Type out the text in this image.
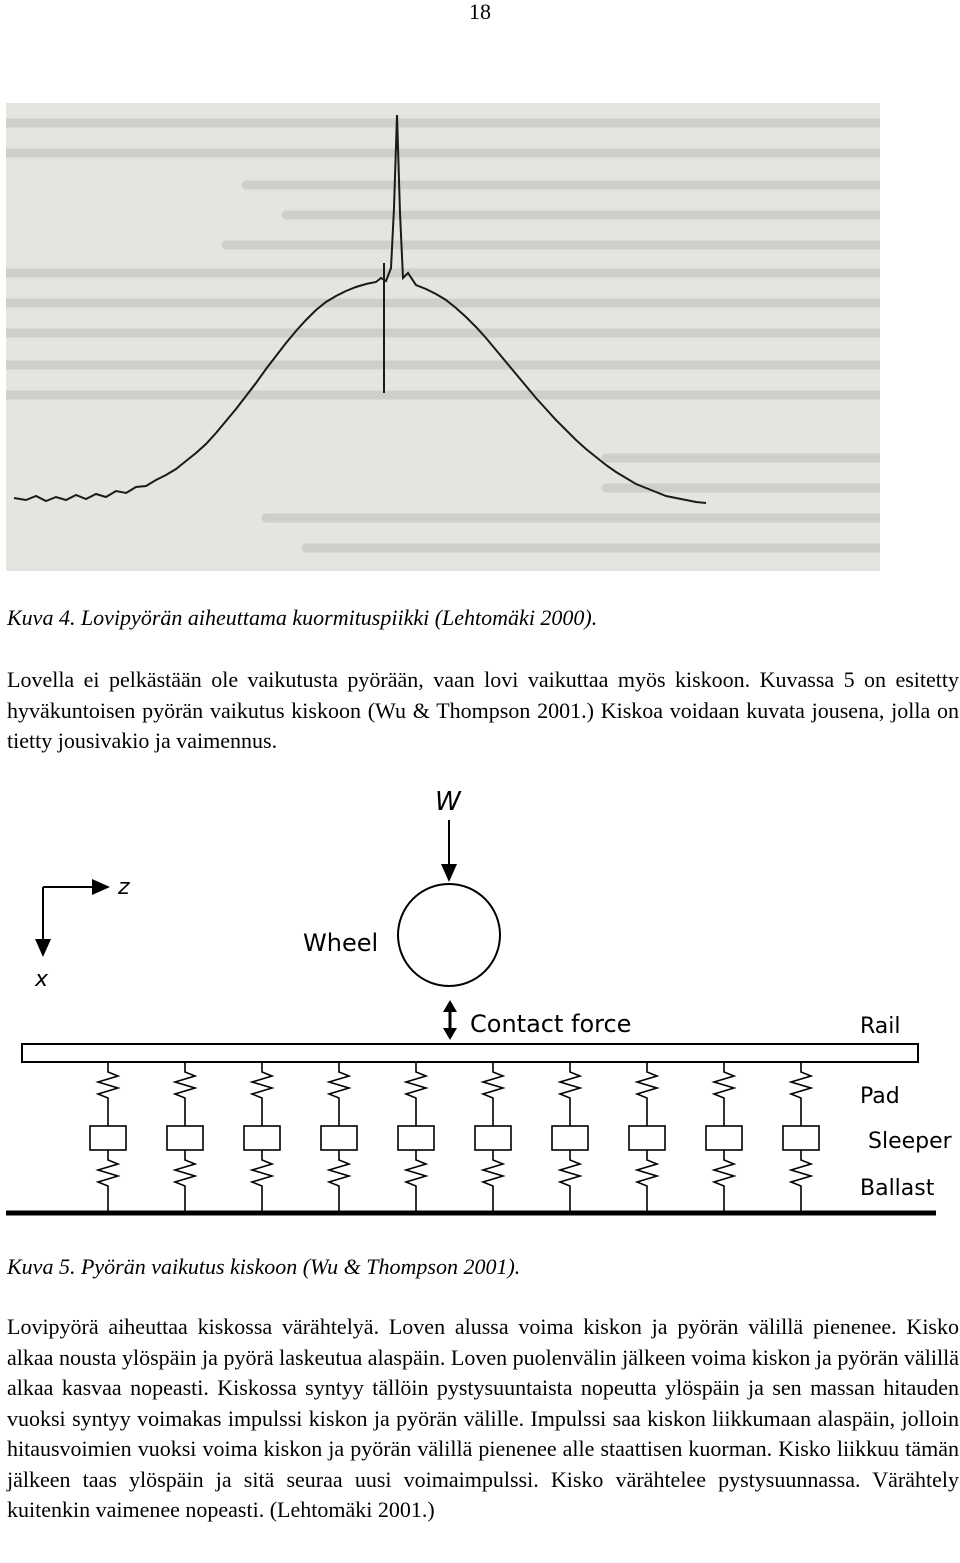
18
Kuva 4. Lovipyörän aiheuttama kuormituspiikki (Lehtomäki 2000).
Lovella ei pelkästään ole vaikutusta pyörään, vaan lovi vaikuttaa myös kiskoon. Kuvassa 5 on esitetty hyväkuntoisen pyörän vaikutus kiskoon (Wu & Thompson 2001.) Kiskoa voidaan kuvata jousena, jolla on tietty jousivakio ja vaimennus.
z
x
W
Wheel
Contact force	Rail
Pad
Sleeper
Ballast
Kuva 5. Pyörän vaikutus kiskoon (Wu & Thompson 2001).
Lovipyörä aiheuttaa kiskossa värähtelyä. Loven alussa voima kiskon ja pyörän välillä pienenee. Kisko alkaa nousta ylöspäin ja pyörä laskeutua alaspäin. Loven puolenvälin jälkeen voima kiskon ja pyörän välillä alkaa kasvaa nopeasti. Kiskossa syntyy tällöin pystysuuntaista nopeutta ylöspäin ja sen massan hitauden vuoksi syntyy voimakas impulssi kiskon ja pyörän välille. Impulssi saa kiskon liikkumaan alaspäin, jolloin hitausvoimien vuoksi voima kiskon ja pyörän välillä pienenee alle staattisen kuorman. Kisko liikkuu tämän jälkeen taas ylöspäin ja sitä seuraa uusi voimaimpulssi. Kisko värähtelee pystysuunnassa. Värähtely kuitenkin vaimenee nopeasti. (Lehtomäki 2001.)
